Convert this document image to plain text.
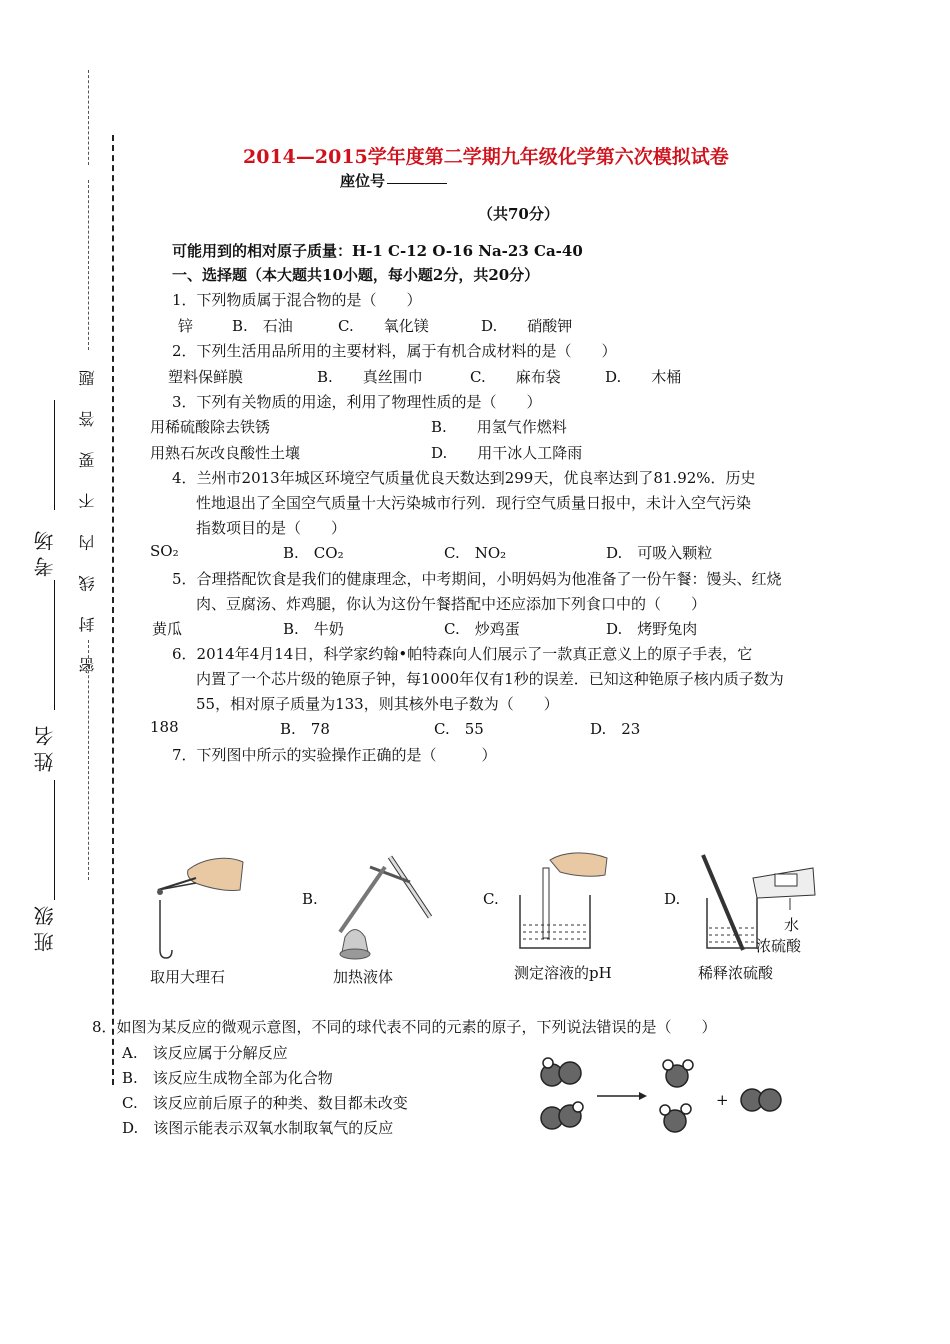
密 封 线 内 不 要 答 题
班级
姓名
考场
2014—2015学年度第二学期九年级化学第六次模拟试卷
座位号
（共70分）
可能用到的相对原子质量：H-1 C-12 O-16 Na-23 Ca-40
一、选择题（本大题共10小题，每小题2分，共20分）
1．下列物质属于混合物的是（　　）
锌	B.　石油	C.　　氧化镁	D.　　硝酸钾
2．下列生活用品所用的主要材料，属于有机合成材料的是（　　）
塑料保鲜膜	B.　　真丝围巾	C.　　麻布袋	D.　　木桶
3．下列有关物质的用途，利用了物理性质的是（　　）
用稀硫酸除去铁锈	B.　　用氢气作燃料
用熟石灰改良酸性土壤	D.　　用干冰人工降雨
4．兰州市2013年城区环境空气质量优良天数达到299天，优良率达到了81.92%．历史
性地退出了全国空气质量十大污染城市行列．现行空气质量日报中，未计入空气污染
指数项目的是（　　）
SO₂	B.　CO₂	C.　NO₂	D.　可吸入颗粒
5．合理搭配饮食是我们的健康理念，中考期间，小明妈妈为他准备了一份午餐：馒头、红烧
肉、豆腐汤、炸鸡腿，你认为这份午餐搭配中还应添加下列食口中的（　　）
黄瓜	B.　牛奶	C.　炒鸡蛋	D.　烤野兔肉
6．2014年4月14日，科学家约翰•帕特森向人们展示了一款真正意义上的原子手表，它
内置了一个芯片级的铯原子钟，每1000年仅有1秒的误差．已知这种铯原子核内质子数为
55，相对原子质量为133，则其核外电子数为（　　）
188	B.　78	C.　55	D.　23
7．下列图中所示的实验操作正确的是（　　　）
取用大理石
B.
加热液体
C.
测定溶液的pH
D.
水
浓硫酸
稀释浓硫酸
8．如图为某反应的微观示意图，不同的球代表不同的元素的原子，下列说法错误的是（　　）
A.　该反应属于分解反应
B.　该反应生成物全部为化合物
C.　该反应前后原子的种类、数目都未改变
D.　该图示能表示双氧水制取氧气的反应
+
